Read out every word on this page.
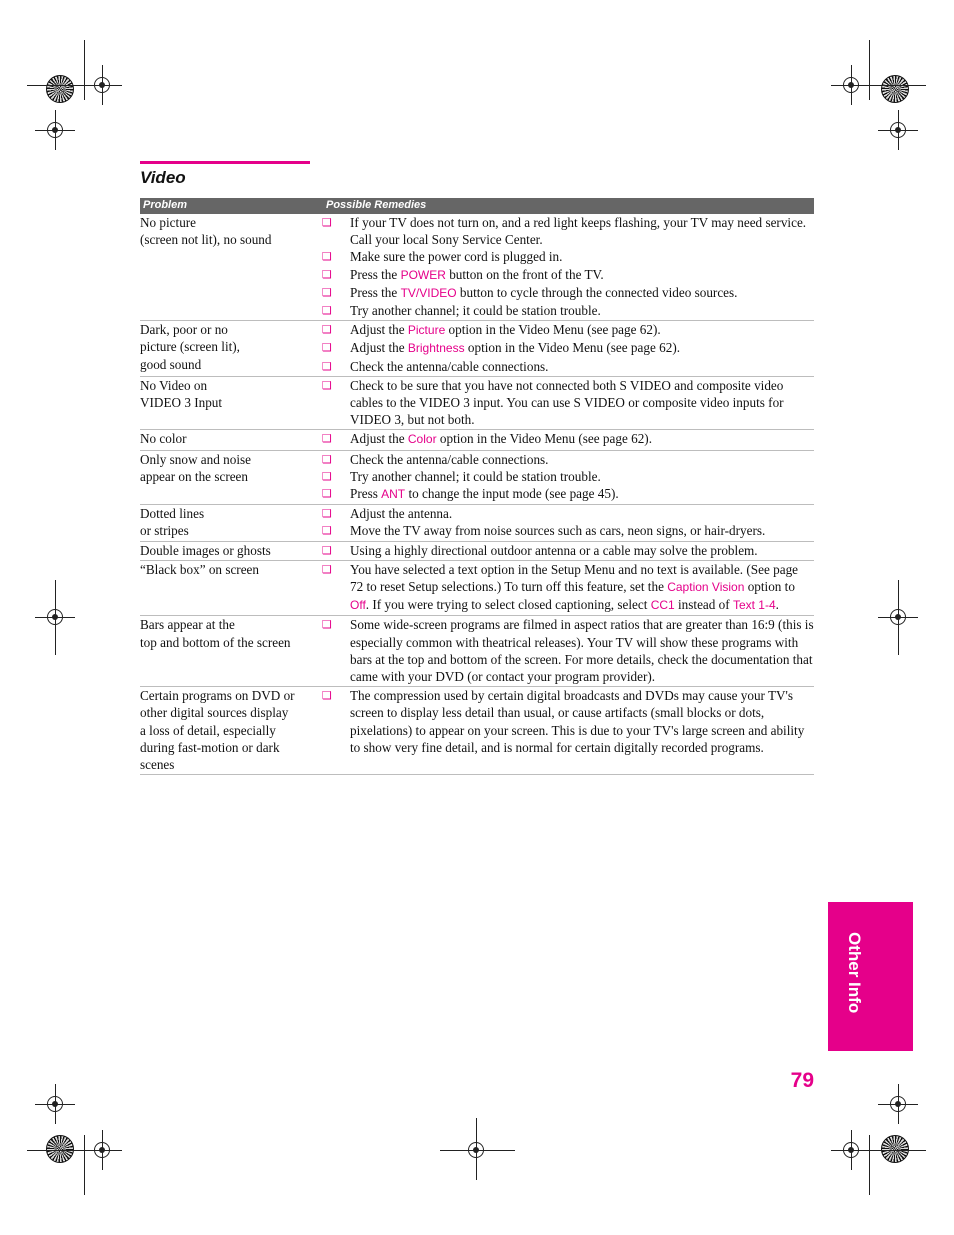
Video
Problem	Possible Remedies
No picture
(screen not lit), no sound
❑	If your TV does not turn on, and a red light keeps flashing, your TV may need service. Call your local Sony Service Center.
❑	Make sure the power cord is plugged in.
❑	Press the POWER button on the front of the TV.
❑	Press the TV/VIDEO button to cycle through the connected video sources.
❑	Try another channel; it could be station trouble.
Dark, poor or no
picture (screen lit),
good sound
❑	Adjust the Picture option in the Video Menu (see page 62).
❑	Adjust the Brightness option in the Video Menu (see page 62).
❑	Check the antenna/cable connections.
No Video on
VIDEO 3 Input
❑	Check to be sure that you have not connected both S VIDEO and composite video cables to the VIDEO 3 input. You can use S VIDEO or composite video inputs for VIDEO 3, but not both.
No color	❑	Adjust the Color option in the Video Menu (see page 62).
Only snow and noise
appear on the screen
❑	Check the antenna/cable connections.
❑	Try another channel; it could be station trouble.
❑	Press ANT to change the input mode (see page 45).
Dotted lines
or stripes
❑	Adjust the antenna.
❑	Move the TV away from noise sources such as cars, neon signs, or hair-dryers.
Double images or ghosts	❑	Using a highly directional outdoor antenna or a cable may solve the problem.
“Black box” on screen	❑	You have selected a text option in the Setup Menu and no text is available. (See page 72 to reset Setup selections.) To turn off this feature, set the Caption Vision option to Off. If you were trying to select closed captioning, select CC1 instead of Text 1-4.
Bars appear at the
top and bottom of the screen
❑	Some wide-screen programs are filmed in aspect ratios that are greater than 16:9 (this is especially common with theatrical releases). Your TV will show these programs with bars at the top and bottom of the screen. For more details, check the documentation that came with your DVD (or contact your program provider).
Certain programs on DVD or
other digital sources display
a loss of detail, especially
during fast-motion or dark
scenes
❑	The compression used by certain digital broadcasts and DVDs may cause your TV's screen to display less detail than usual, or cause artifacts (small blocks or dots, pixelations) to appear on your screen. This is due to your TV's large screen and ability to show very fine detail, and is normal for certain digitally recorded programs.
Other Info
79
